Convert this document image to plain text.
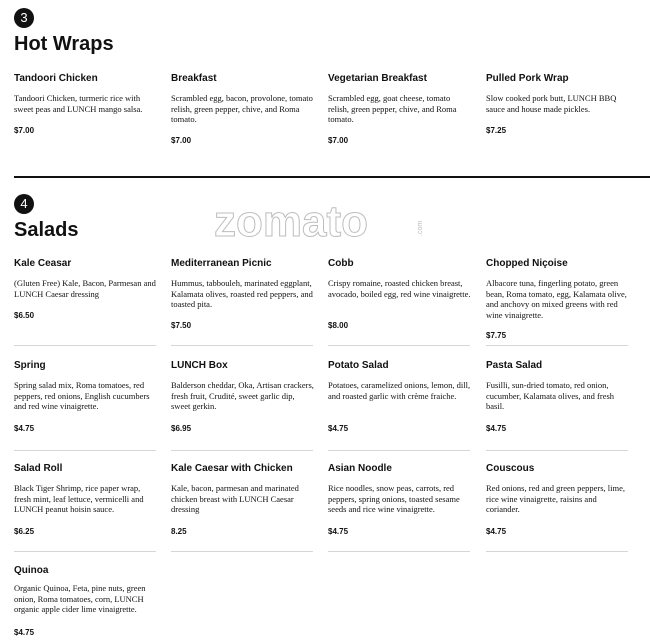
3
Hot Wraps
Tandoori Chicken
Tandoori Chicken, turmeric rice with sweet peas and LUNCH mango salsa.
$7.00
Breakfast
Scrambled egg, bacon, provolone, tomato relish, green pepper, chive, and Roma tomato.
$7.00
Vegetarian Breakfast
Scrambled egg, goat cheese, tomato relish, green pepper, chive, and Roma tomato.
$7.00
Pulled Pork Wrap
Slow cooked pork butt, LUNCH BBQ sauce and house made pickles.
$7.25
zomato	.com
4
Salads
Kale Ceasar
(Gluten Free) Kale, Bacon, Parmesan and LUNCH Caesar dressing
$6.50
Mediterranean Picnic
Hummus, tabbouleh, marinated eggplant, Kalamata olives, roasted red peppers, and toasted pita.
$7.50
Cobb
Crispy romaine, roasted chicken breast, avocado, boiled egg, red wine vinaigrette.
$8.00
Chopped Niçoise
Albacore tuna, fingerling potato, green bean, Roma tomato, egg, Kalamata olive, and anchovy on mixed greens with red wine vinaigrette.
$7.75
Spring
Spring salad mix, Roma tomatoes, red peppers, red onions, English cucumbers and red wine vinaigrette.
$4.75
LUNCH Box
Balderson cheddar, Oka, Artisan crackers, fresh fruit, Crudité, sweet garlic dip, sweet gerkin.
$6.95
Potato Salad
Potatoes, caramelized onions, lemon, dill, and roasted garlic with crème fraiche.
$4.75
Pasta Salad
Fusilli, sun-dried tomato, red onion, cucumber, Kalamata olives, and fresh basil.
$4.75
Salad Roll
Black Tiger Shrimp, rice paper wrap, fresh mint, leaf lettuce, vermicelli and LUNCH peanut hoisin sauce.
$6.25
Kale Caesar with Chicken
Kale, bacon, parmesan and marinated chicken breast with LUNCH Caesar dressing
8.25
Asian Noodle
Rice noodles, snow peas, carrots, red peppers, spring onions, toasted sesame seeds and rice wine vinaigrette.
$4.75
Couscous
Red onions, red and green peppers, lime, rice wine vinaigrette, raisins and coriander.
$4.75
Quinoa
Organic Quinoa, Feta, pine nuts, green onion, Roma tomatoes, corn, LUNCH organic apple cider lime vinaigrette.
$4.75
